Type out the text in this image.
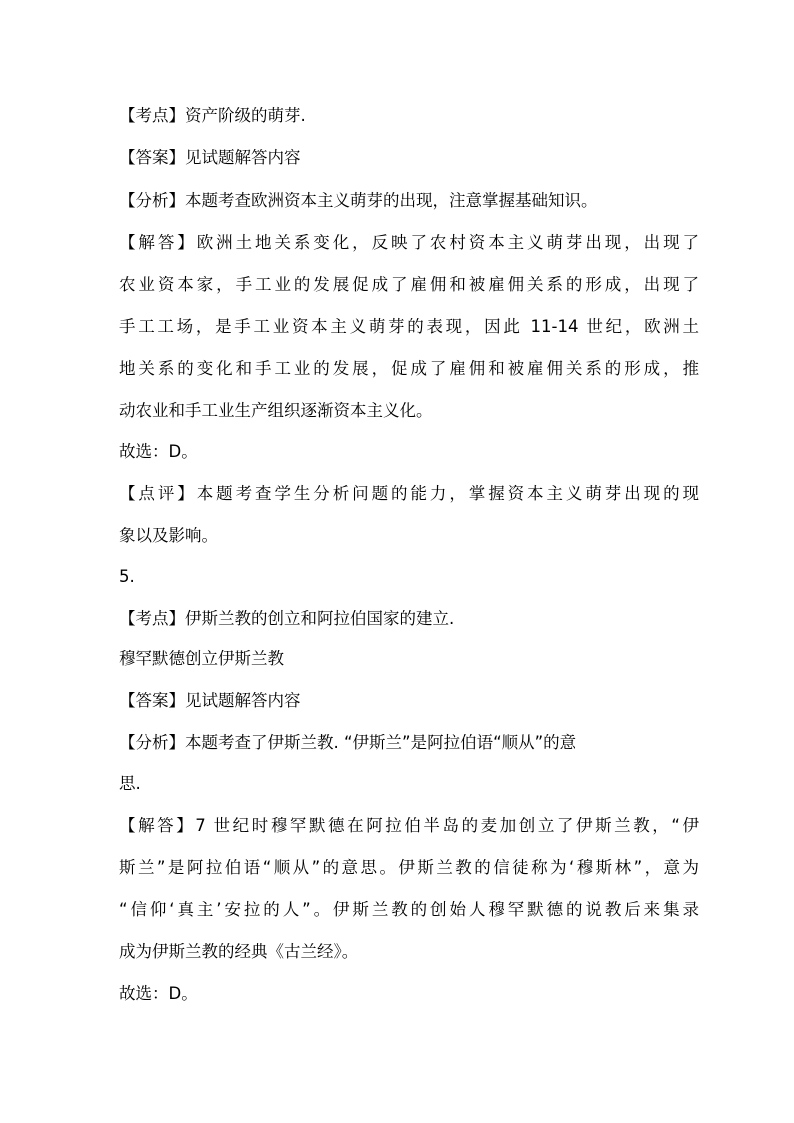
【考点】资产阶级的萌芽.
【答案】见试题解答内容
【分析】本题考查欧洲资本主义萌芽的出现，注意掌握基础知识。
【解答】欧洲土地关系变化，反映了农村资本主义萌芽出现，出现了
农业资本家，手工业的发展促成了雇佣和被雇佣关系的形成，出现了
手工工场，是手工业资本主义萌芽的表现，因此 11-14 世纪，欧洲土
地关系的变化和手工业的发展，促成了雇佣和被雇佣关系的形成，推
动农业和手工业生产组织逐渐资本主义化。
故选：D。
【点评】本题考查学生分析问题的能力，掌握资本主义萌芽出现的现
象以及影响。
5.
【考点】伊斯兰教的创立和阿拉伯国家的建立.
穆罕默德创立伊斯兰教
【答案】见试题解答内容
【分析】本题考查了伊斯兰教. “伊斯兰”是阿拉伯语“顺从”的意
思.
【解答】7 世纪时穆罕默德在阿拉伯半岛的麦加创立了伊斯兰教，“伊
斯兰”是阿拉伯语“顺从”的意思。伊斯兰教的信徒称为‘穆斯林”，意为
“信仰‘真主’安拉的人”。伊斯兰教的创始人穆罕默德的说教后来集录
成为伊斯兰教的经典《古兰经》。
故选：D。
